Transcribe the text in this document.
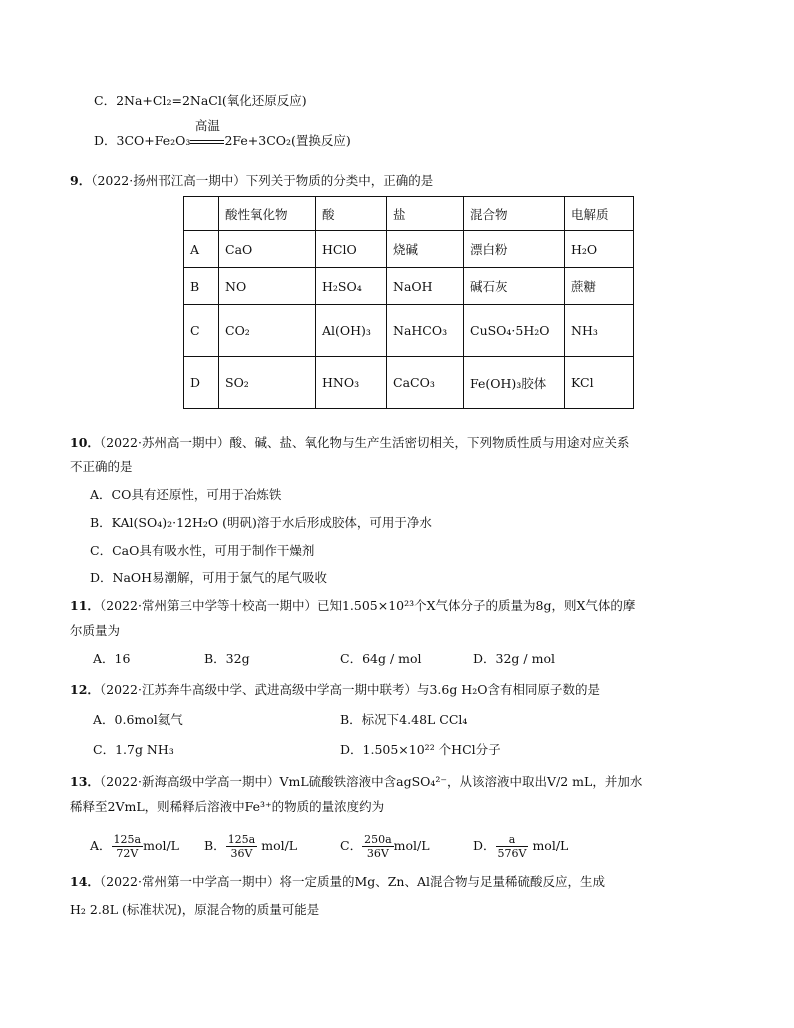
C．2Na+Cl₂=2NaCl(氧化还原反应)
D．3CO+Fe₂O₃
高温
2Fe+3CO₂(置换反应)
9．（2022·扬州邗江高一期中）下列关于物质的分类中，正确的是
	酸性氧化物	酸	盐	混合物	电解质
A	CaO	HClO	烧碱	漂白粉	H₂O
B	NO	H₂SO₄	NaOH	碱石灰	蔗糖
C	CO₂	Al(OH)₃	NaHCO₃	CuSO₄·5H₂O	NH₃
D	SO₂	HNO₃	CaCO₃	Fe(OH)₃胶体	KCl
10．（2022·苏州高一期中）酸、碱、盐、氧化物与生产生活密切相关，下列物质性质与用途对应关系
不正确的是
A．CO具有还原性，可用于冶炼铁
B．KAl(SO₄)₂·12H₂O (明矾)溶于水后形成胶体，可用于净水
C．CaO具有吸水性，可用于制作干燥剂
D．NaOH易潮解，可用于氯气的尾气吸收
11．（2022·常州第三中学等十校高一期中）已知1.505×10²³个X气体分子的质量为8g，则X气体的摩
尔质量为
A．16	B．32g	C．64g / mol	D．32g / mol
12．（2022·江苏奔牛高级中学、武进高级中学高一期中联考）与3.6g H₂O含有相同原子数的是
A．0.6mol氦气	B．标况下4.48L CCl₄
C．1.7g NH₃	D．1.505×10²² 个HCl分子
13．（2022·新海高级中学高一期中）VmL硫酸铁溶液中含agSO₄²⁻，从该溶液中取出V/2 mL，并加水
稀释至2VmL，则稀释后溶液中Fe³⁺的物质的量浓度约为
A． $\frac{125a}{72V} mol/L$ B． $\frac{125a}{36V} mol/L$	C． $\frac{250a}{36V} mol/L$	D． $\frac{a}{576V} mol/L$
14．（2022·常州第一中学高一期中）将一定质量的Mg、Zn、Al混合物与足量稀硫酸反应，生成
H₂ 2.8L (标准状况)，原混合物的质量可能是
